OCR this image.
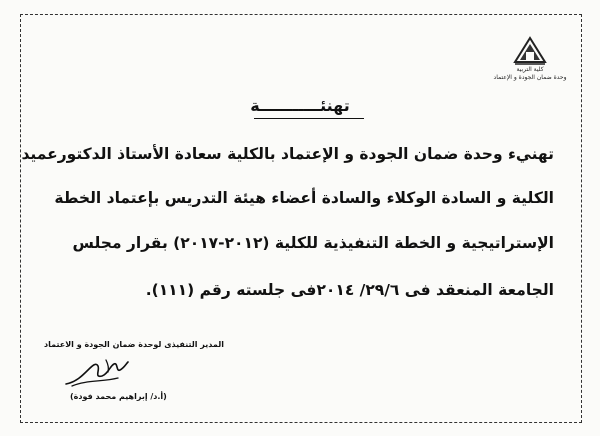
كلية التربية
وحدة ضمان الجودة و الإعتماد
تهنئـــــــــــة
تهنيء وحدة ضمان الجودة و الإعتماد بالكلية سعادة الأستاذ الدكتورعميد
الكلية و السادة الوكلاء والسادة أعضاء هيئة التدريس بإعتماد الخطة
الإستراتيجية و الخطة التنفيذية للكلية (٢٠١٢-٢٠١٧) بقرار مجلس
الجامعة المنعقد فى ٢٩/٦/ ٢٠١٤فى جلسته رقم (١١١).
المدير التنفيذى لوحدة ضمان الجودة و الاعتماد
(أ.د/ إبراهيم محمد فودة)
